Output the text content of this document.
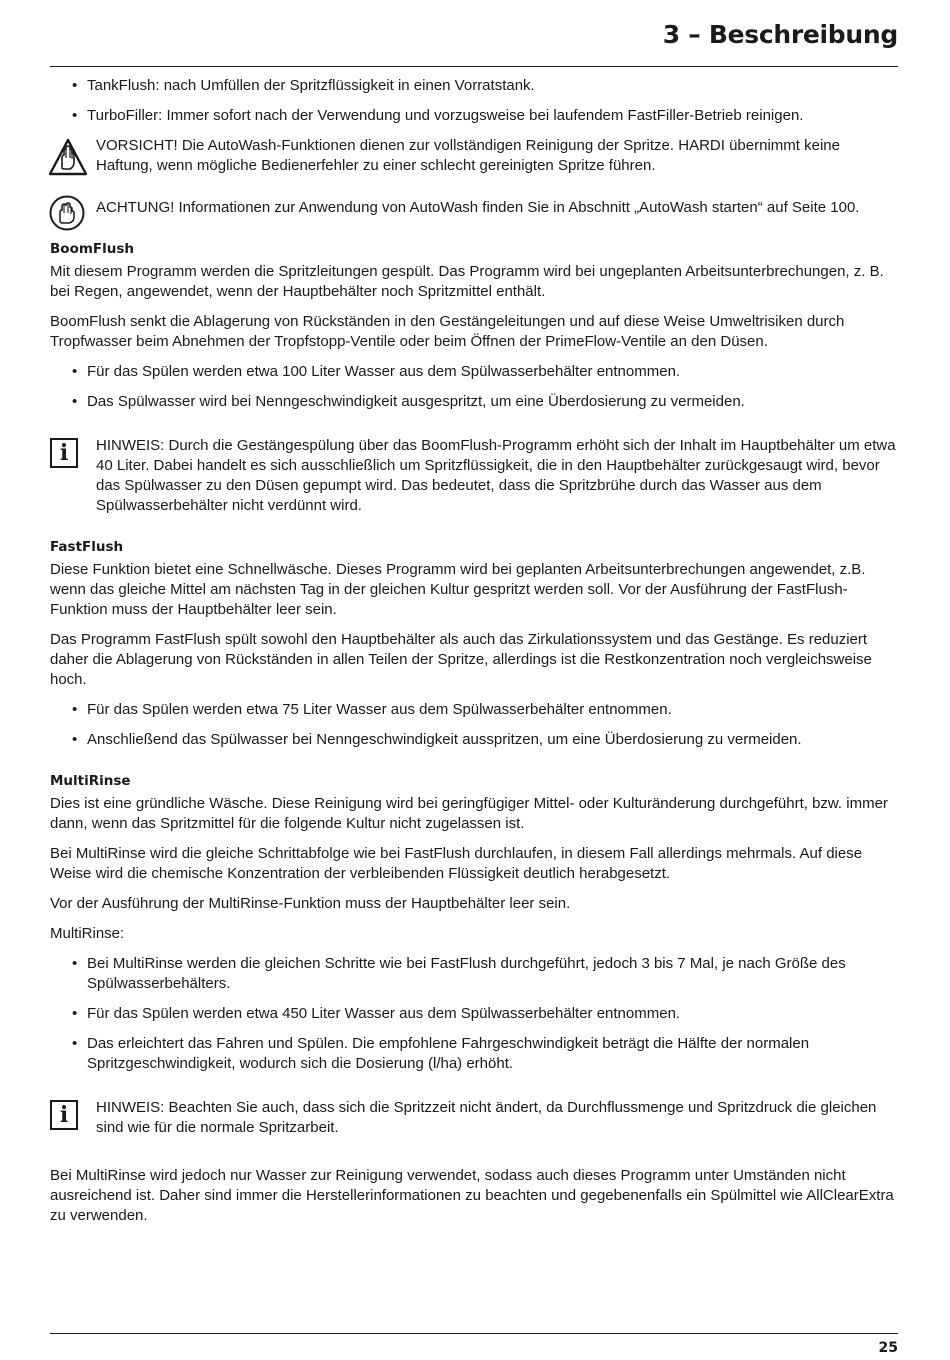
3 – Beschreibung
• TankFlush: nach Umfüllen der Spritzflüssigkeit in einen Vorratstank.
• TurboFiller: Immer sofort nach der Verwendung und vorzugsweise bei laufendem FastFiller-Betrieb reinigen.

VORSICHT! Die AutoWash-Funktionen dienen zur vollständigen Reinigung der Spritze. HARDI übernimmt keine Haftung, wenn mögliche Bedienerfehler zu einer schlecht gereinigten Spritze führen.

ACHTUNG! Informationen zur Anwendung von AutoWash finden Sie in Abschnitt „AutoWash starten“ auf Seite 100.

BoomFlush

Mit diesem Programm werden die Spritzleitungen gespült. Das Programm wird bei ungeplanten Arbeitsunterbrechungen, z. B. bei Regen, angewendet, wenn der Hauptbehälter noch Spritzmittel enthält.

BoomFlush senkt die Ablagerung von Rückständen in den Gestängeleitungen und auf diese Weise Umweltrisiken durch Tropfwasser beim Abnehmen der Tropfstopp-Ventile oder beim Öffnen der PrimeFlow-Ventile an den Düsen.

• Für das Spülen werden etwa 100 Liter Wasser aus dem Spülwasserbehälter entnommen.
• Das Spülwasser wird bei Nenngeschwindigkeit ausgespritzt, um eine Überdosierung zu vermeiden.
i	HINWEIS: Durch die Gestängespülung über das BoomFlush-Programm erhöht sich der Inhalt im Hauptbehälter um etwa 40 Liter. Dabei handelt es sich ausschließlich um Spritzflüssigkeit, die in den Hauptbehälter zurückgesaugt wird, bevor das Spülwasser zu den Düsen gepumpt wird. Das bedeutet, dass die Spritzbrühe durch das Wasser aus dem Spülwasserbehälter nicht verdünnt wird.

FastFlush

Diese Funktion bietet eine Schnellwäsche. Dieses Programm wird bei geplanten Arbeitsunterbrechungen angewendet, z.B. wenn das gleiche Mittel am nächsten Tag in der gleichen Kultur gespritzt werden soll. Vor der Ausführung der FastFlush-Funktion muss der Hauptbehälter leer sein.

Das Programm FastFlush spült sowohl den Hauptbehälter als auch das Zirkulationssystem und das Gestänge. Es reduziert daher die Ablagerung von Rückständen in allen Teilen der Spritze, allerdings ist die Restkonzentration noch vergleichsweise hoch.

• Für das Spülen werden etwa 75 Liter Wasser aus dem Spülwasserbehälter entnommen.
• Anschließend das Spülwasser bei Nenngeschwindigkeit ausspritzen, um eine Überdosierung zu vermeiden.
MultiRinse

Dies ist eine gründliche Wäsche. Diese Reinigung wird bei geringfügiger Mittel- oder Kulturänderung durchgeführt, bzw. immer dann, wenn das Spritzmittel für die folgende Kultur nicht zugelassen ist.

Bei MultiRinse wird die gleiche Schrittabfolge wie bei FastFlush durchlaufen, in diesem Fall allerdings mehrmals. Auf diese Weise wird die chemische Konzentration der verbleibenden Flüssigkeit deutlich herabgesetzt.

Vor der Ausführung der MultiRinse-Funktion muss der Hauptbehälter leer sein.

MultiRinse:

• Bei MultiRinse werden die gleichen Schritte wie bei FastFlush durchgeführt, jedoch 3 bis 7 Mal, je nach Größe des Spülwasserbehälters.
• Für das Spülen werden etwa 450 Liter Wasser aus dem Spülwasserbehälter entnommen.
• Das erleichtert das Fahren und Spülen. Die empfohlene Fahrgeschwindigkeit beträgt die Hälfte der normalen Spritzgeschwindigkeit, wodurch sich die Dosierung (l/ha) erhöht.
i	HINWEIS: Beachten Sie auch, dass sich die Spritzzeit nicht ändert, da Durchflussmenge und Spritzdruck die gleichen sind wie für die normale Spritzarbeit.

Bei MultiRinse wird jedoch nur Wasser zur Reinigung verwendet, sodass auch dieses Programm unter Umständen nicht ausreichend ist. Daher sind immer die Herstellerinformationen zu beachten und gegebenenfalls ein Spülmittel wie AllClearExtra zu verwenden.

25
